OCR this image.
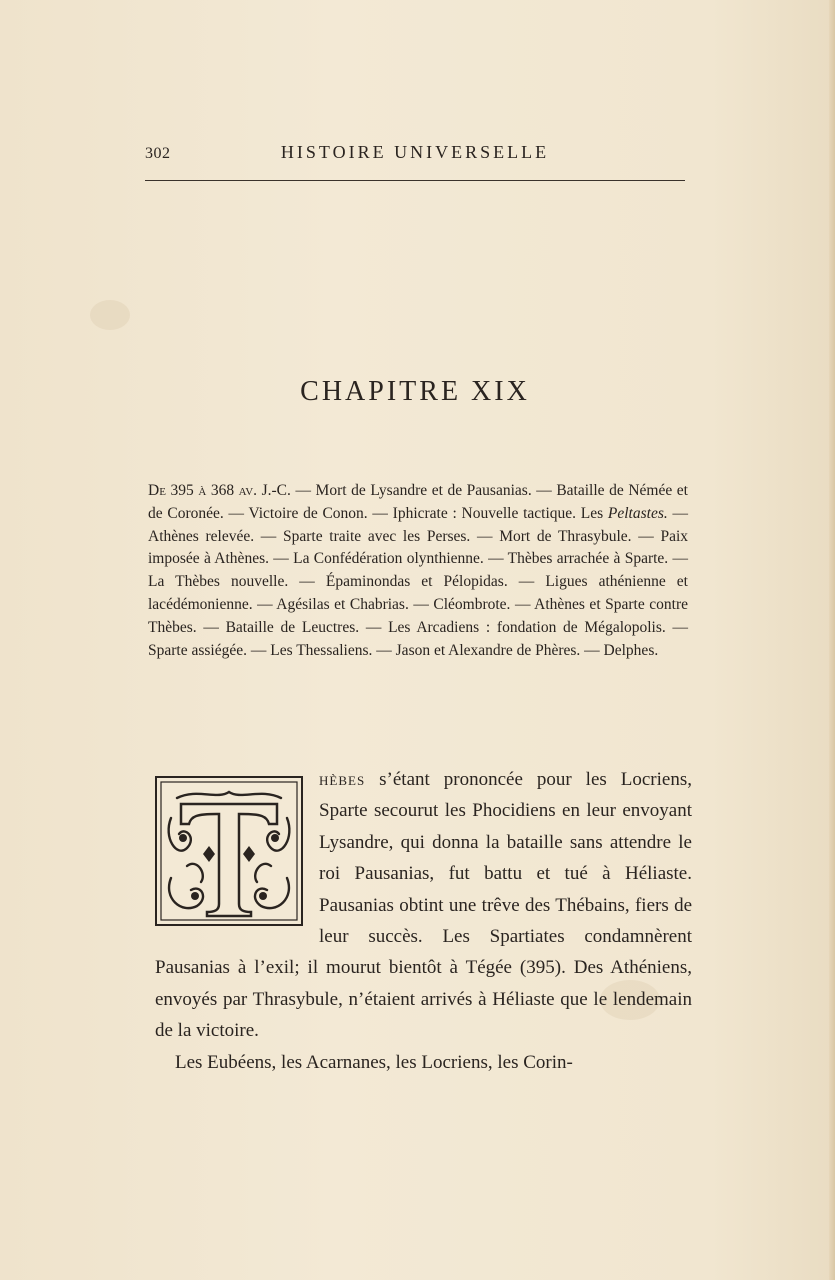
302	HISTOIRE UNIVERSELLE
CHAPITRE XIX
De 395 à 368 av. J.-C. — Mort de Lysandre et de Pausanias. — Bataille de Némée et de Coronée. — Victoire de Conon. — Iphicrate : Nouvelle tactique. Les Peltastes. — Athènes relevée. — Sparte traite avec les Perses. — Mort de Thrasybule. — Paix imposée à Athènes. — La Confédération olynthienne. — Thèbes arrachée à Sparte. — La Thèbes nouvelle. — Épaminondas et Pélopidas. — Ligues athénienne et lacédémonienne. — Agésilas et Chabrias. — Cléombrote. — Athènes et Sparte contre Thèbes. — Bataille de Leuctres. — Les Arcadiens : fondation de Mégalopolis. — Sparte assiégée. — Les Thessaliens. — Jason et Alexandre de Phères. — Delphes.

hèbes s’étant prononcée pour les Locriens, Sparte secourut les Phocidiens en leur envoyant Lysandre, qui donna la bataille sans attendre le roi Pausanias, fut battu et tué à Héliaste. Pausanias obtint une trêve des Thébains, fiers de leur succès. Les Spartiates condamnèrent Pausanias à l’exil; il mourut bientôt à Tégée (395). Des Athéniens, envoyés par Thrasybule, n’étaient arrivés à Héliaste que le lendemain de la victoire.

Les Eubéens, les Acarnanes, les Locriens, les Corin-
